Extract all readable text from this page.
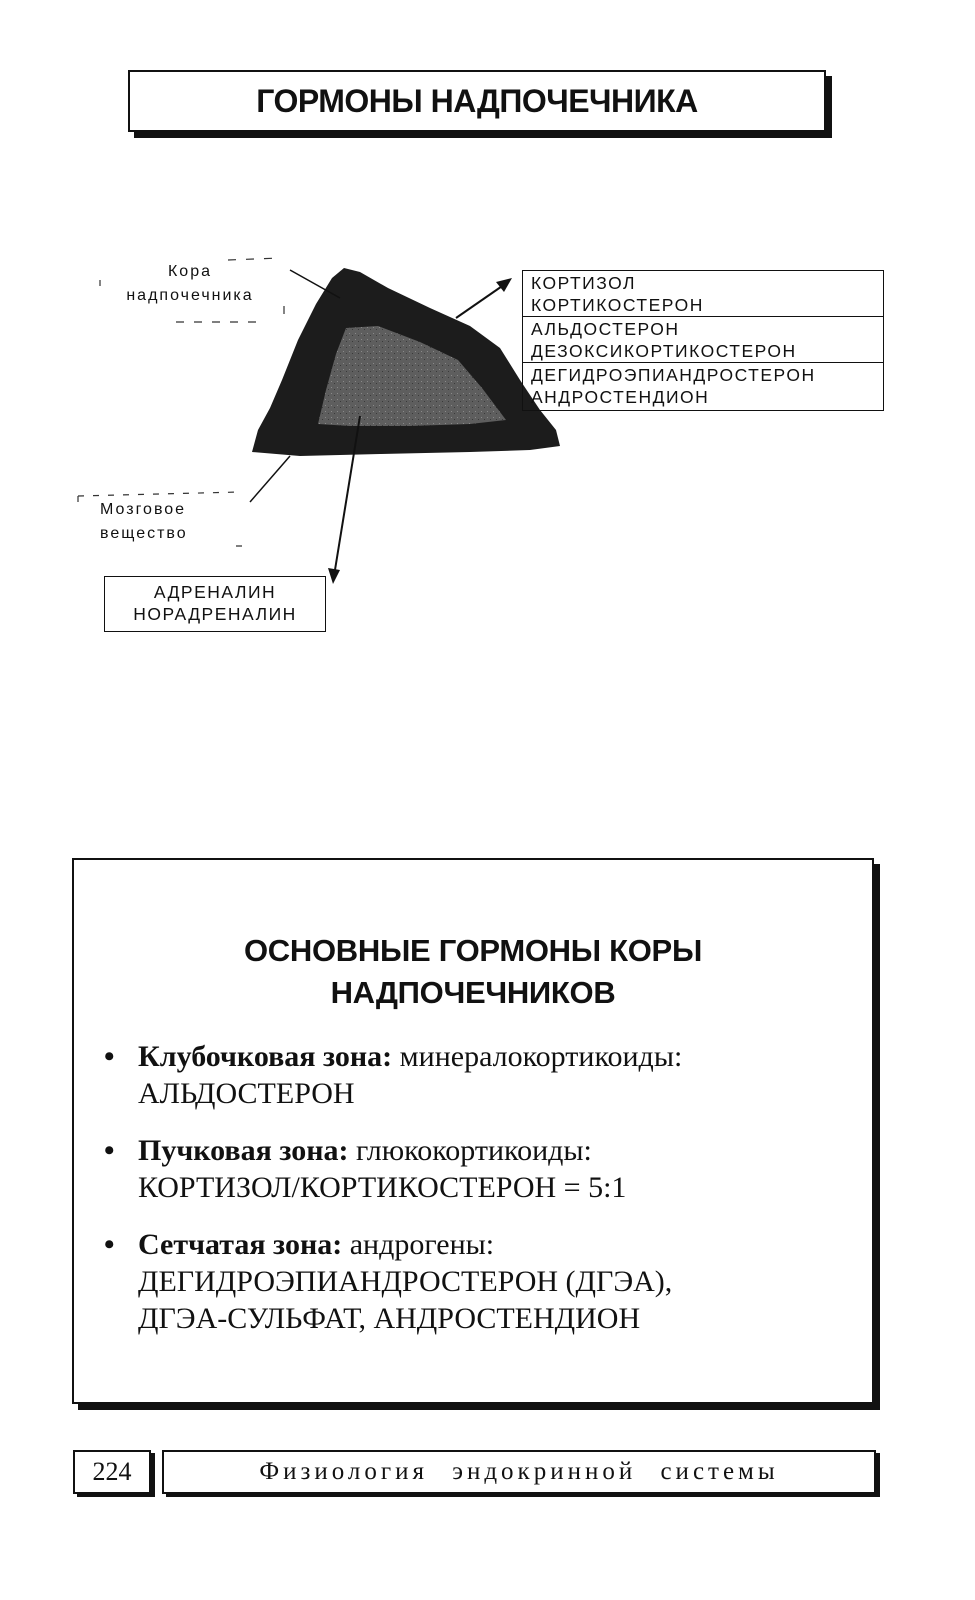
ГОРМОНЫ НАДПОЧЕЧНИКА
Кора
надпочечника
КОРТИЗОЛ
КОРТИКОСТЕРОН
АЛЬДОСТЕРОН
ДЕЗОКСИКОРТИКОСТЕРОН
ДЕГИДРОЭПИАНДРОСТЕРОН
АНДРОСТЕНДИОН
Мозговое
вещество
АДРЕНАЛИН
НОРАДРЕНАЛИН
ОСНОВНЫЕ ГОРМОНЫ КОРЫ
НАДПОЧЕЧНИКОВ
• Клубочковая зона: минералокортикоиды:
АЛЬДОСТЕРОН
• Пучковая зона: глюкокортикоиды:
КОРТИЗОЛ/КОРТИКОСТЕРОН = 5:1
• Сетчатая зона: андрогены:
ДЕГИДРОЭПИАНДРОСТЕРОН (ДГЭА),
ДГЭА-СУЛЬФАТ, АНДРОСТЕНДИОН
224	Физиология эндокринной системы
